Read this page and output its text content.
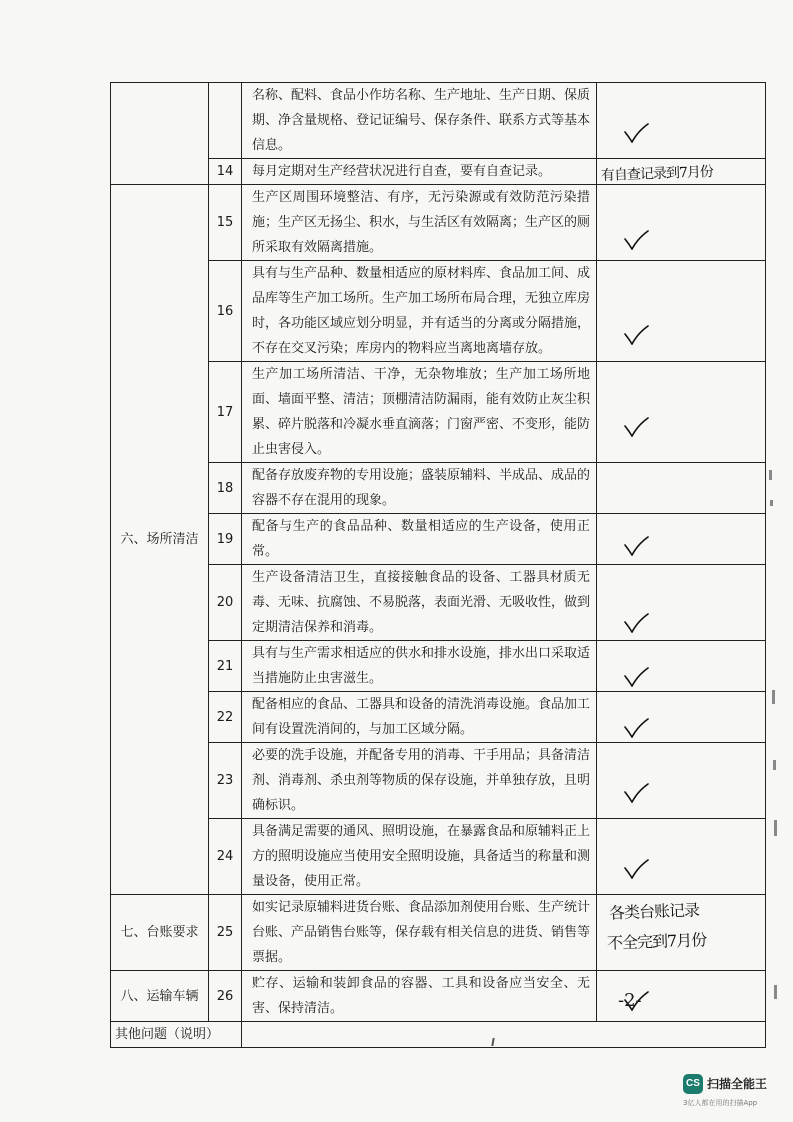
		名称、配料、食品小作坊名称、生产地址、生产日期、保质期、净含量规格、登记证编号、保存条件、联系方式等基本信息。	

	14	每月定期对生产经营状况进行自查，要有自查记录。	有自查记录到7月份

六、场所清洁	15	生产区周围环境整洁、有序，无污染源或有效防范污染措施；生产区无扬尘、积水，与生活区有效隔离；生产区的厕所采取有效隔离措施。	

	16	具有与生产品种、数量相适应的原材料库、食品加工间、成品库等生产加工场所。生产加工场所布局合理，无独立库房时，各功能区域应划分明显，并有适当的分离或分隔措施，不存在交叉污染；库房内的物料应当离地离墙存放。	

	17	生产加工场所清洁、干净，无杂物堆放；生产加工场所地面、墙面平整、清洁；顶棚清洁防漏雨，能有效防止灰尘积累、碎片脱落和冷凝水垂直滴落；门窗严密、不变形，能防止虫害侵入。	

	18	配备存放废弃物的专用设施；盛装原辅料、半成品、成品的容器不存在混用的现象。	
	19	配备与生产的食品品种、数量相适应的生产设备，使用正常。	

	20	生产设备清洁卫生，直接接触食品的设备、工器具材质无毒、无味、抗腐蚀、不易脱落，表面光滑、无吸收性，做到定期清洁保养和消毒。	

	21	具有与生产需求相适应的供水和排水设施，排水出口采取适当措施防止虫害滋生。	

	22	配备相应的食品、工器具和设备的清洗消毒设施。食品加工间有设置洗消间的，与加工区域分隔。	

	23	必要的洗手设施，并配备专用的消毒、干手用品；具备清洁剂、消毒剂、杀虫剂等物质的保存设施，并单独存放，且明确标识。	

	24	具备满足需要的通风、照明设施，在暴露食品和原辅料正上方的照明设施应当使用安全照明设施，具备适当的称量和测量设备，使用正常。	

七、台账要求	25	如实记录原辅料进货台账、食品添加剂使用台账、生产统计台账、产品销售台账等，保存载有相关信息的进货、销售等票据。	各类台账记录
不全完到7月份

八、运输车辆	26	贮存、运输和装卸食品的容器、工具和设备应当安全、无害、保持清洁。	

其他问题（说明）			
-2-
CS 扫描全能王
3亿人都在用的扫描App
